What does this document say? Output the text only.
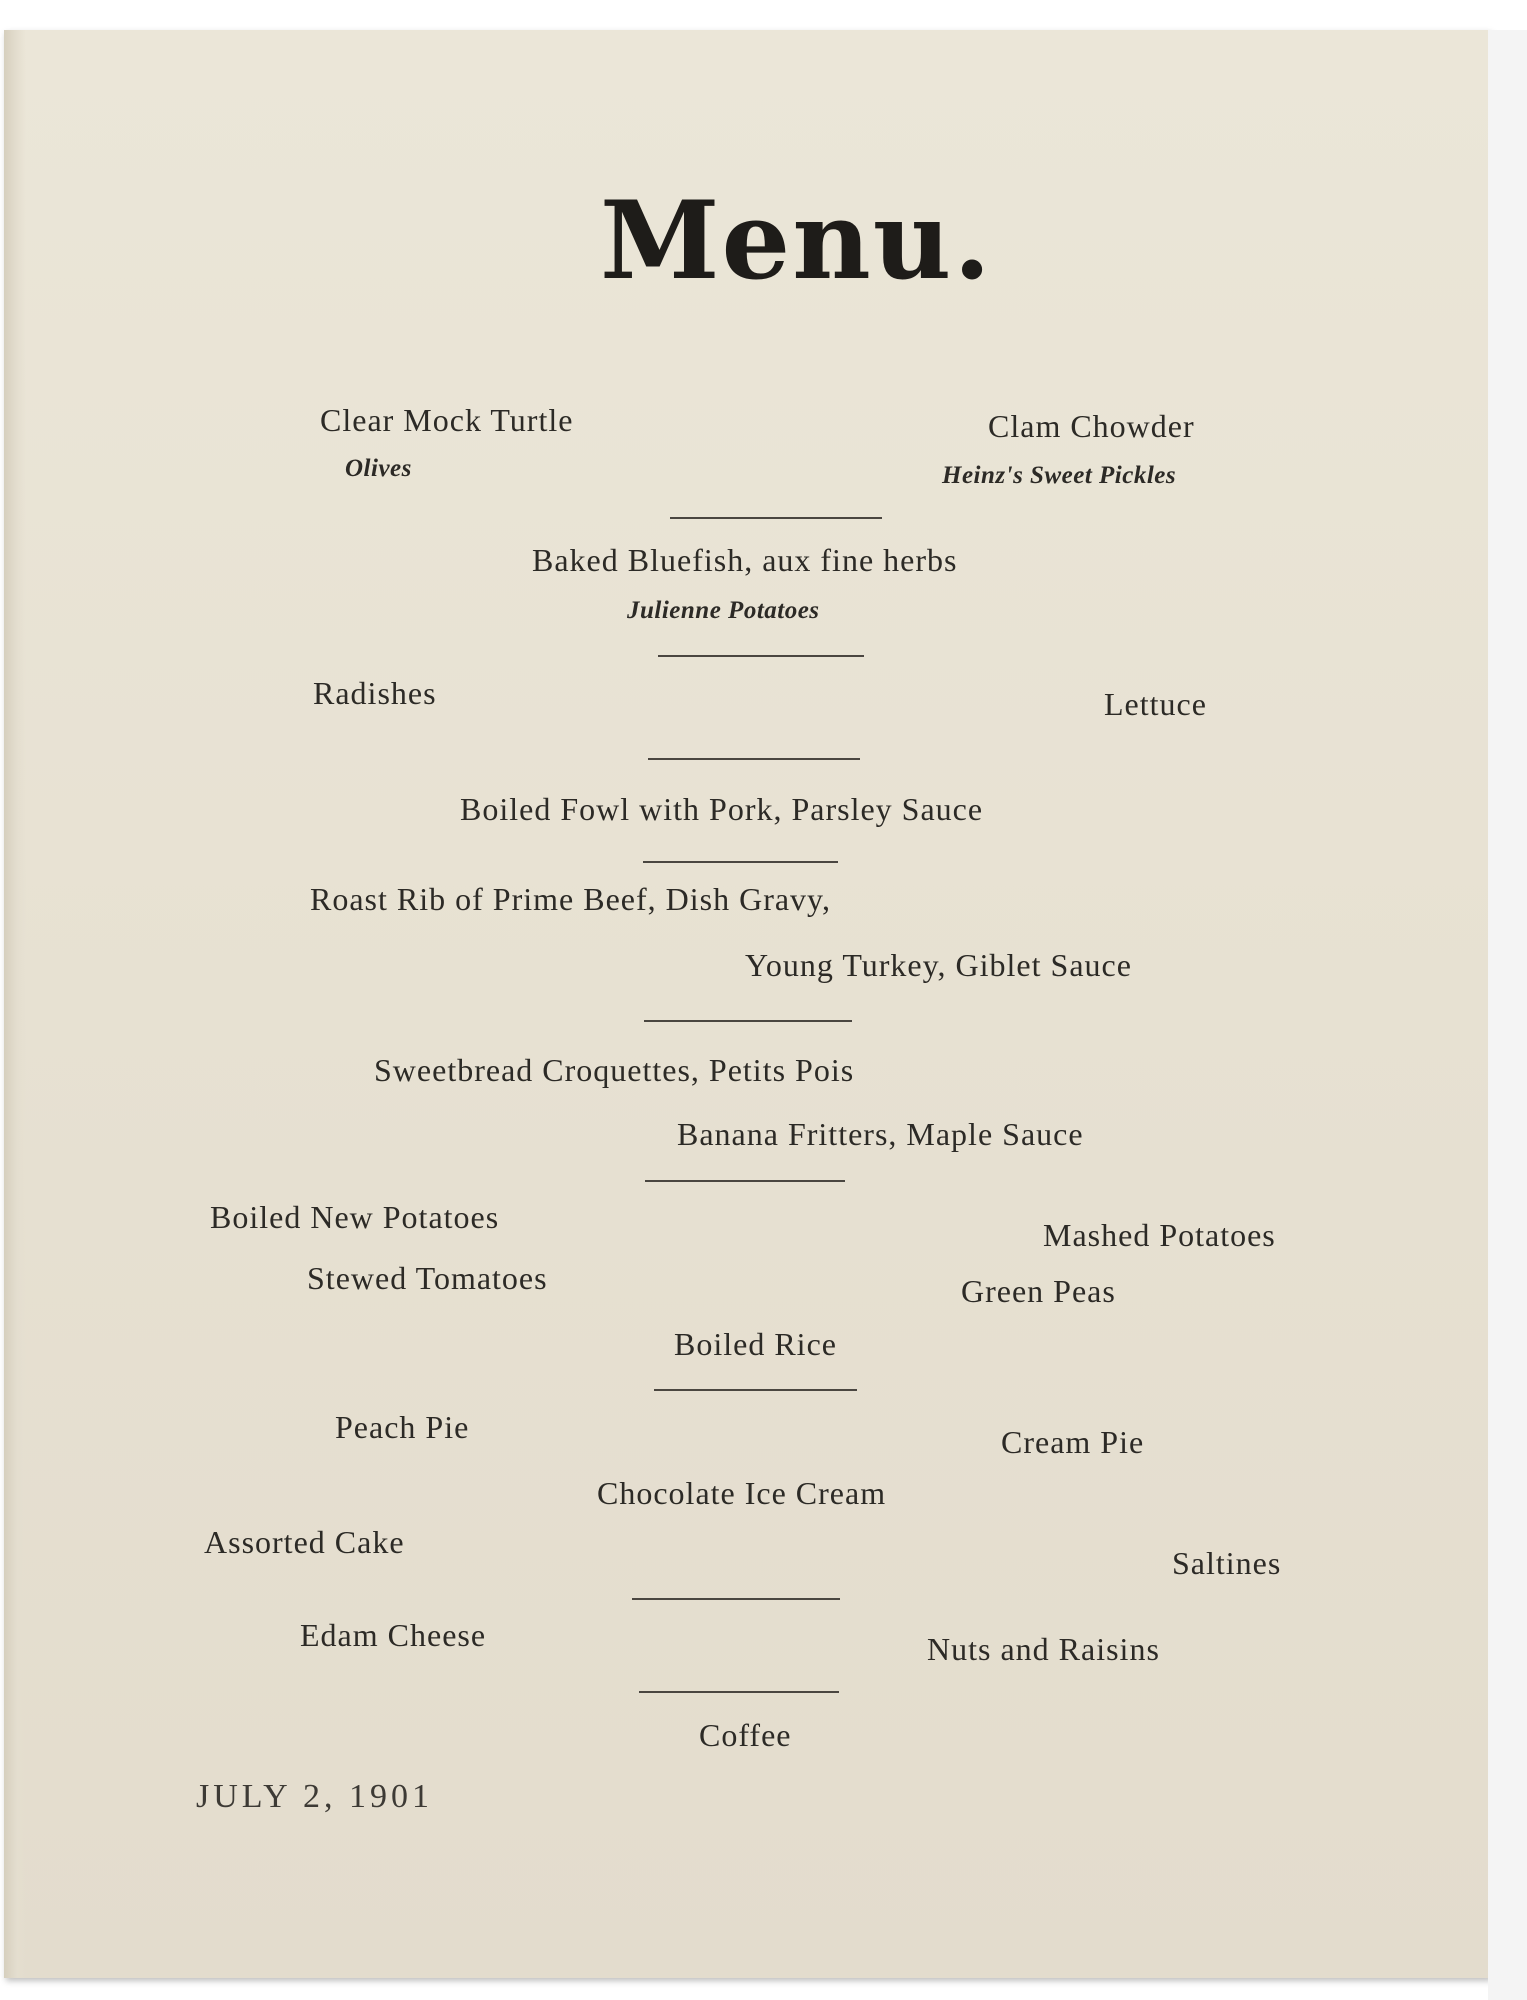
Menu.
Clear Mock Turtle
Olives
Clam Chowder
Heinz's Sweet Pickles
Baked Bluefish, aux fine herbs
Julienne Potatoes
Radishes	Lettuce
Boiled Fowl with Pork, Parsley Sauce
Roast Rib of Prime Beef, Dish Gravy,
Young Turkey, Giblet Sauce
Sweetbread Croquettes, Petits Pois
Banana Fritters, Maple Sauce
Boiled New Potatoes	Mashed Potatoes
Stewed Tomatoes	Green Peas
Boiled Rice
Peach Pie	Cream Pie
Chocolate Ice Cream
Assorted Cake
Saltines
Edam Cheese	Nuts and Raisins
Coffee
JULY 2, 1901
